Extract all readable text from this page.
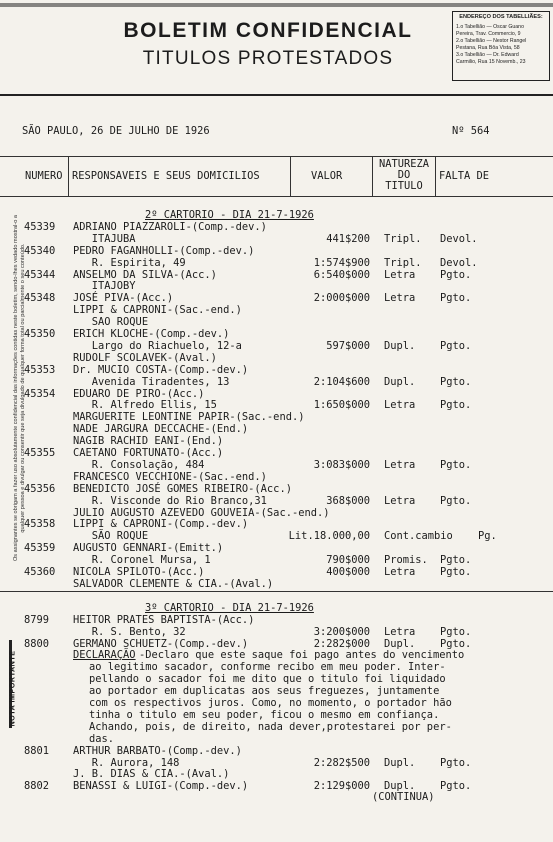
BOLETIM CONFIDENCIAL
TITULOS PROTESTADOS
ENDEREÇO DOS TABELLIÃES:
1.o Tabellião — Oscar Guano
Pereira, Trav. Commercio, 9
2.o Tabellião — Nestor Rangel
Pestana, Rua Bôa Vista, 58
3.o Tabellião — Dr. Edward
Carmilio, Rua 15 Novemb., 23
Os assignantes se obrigam a fazer uso absolutamente confidencial das informações contidas neste boletim, sendo-lhes vedado mostral-o a qualquer pessoa e divulgar ou consentir que seja divulgado de qualquer forma total ou parcialmente o seu conteúdo.
NOTA IMPORTANTE
SÃO PAULO, 26 DE JULHO DE 1926	Nº 564
NUMERO RESPONSAVEIS E SEUS DOMICILIOS	VALOR
NATUREZA
DO
TITULO
FALTA DE
2º CARTORIO - DIA 21-7-1926
45339 ADRIANO PIAZZAROLI-(Comp.-dev.)
ITAJUBA	441$200 Tripl. Devol.
45340 PEDRO FAGANHOLLI-(Comp.-dev.)
R. Espirita, 49	1:574$900 Tripl. Devol.
45344 ANSELMO DA SILVA-(Acc.)	6:540$000 Letra Pgto.
ITAJOBY
45348 JOSÉ PIVA-(Acc.)	2:000$000 Letra Pgto.
LIPPI & CAPRONI-(Sac.-end.)
SAO ROQUE
45350 ERICH KLOCHE-(Comp.-dev.)
Largo do Riachuelo, 12-a	597$000 Dupl. Pgto.
RUDOLF SCOLAVEK-(Aval.)
45353 Dr. MUCIO COSTA-(Comp.-dev.)
Avenida Tiradentes, 13	2:104$600 Dupl. Pgto.
45354 EDUARO DE PIRO-(Acc.)
R. Alfredo Ellis, 15	1:650$000 Letra Pgto.
MARGUERITE LEONTINE PAPIR-(Sac.-end.)
NADE JARGURA DECCACHE-(End.)
NAGIB RACHID EANI-(End.)
45355 CAETANO FORTUNATO-(Acc.)
R. Consolação, 484	3:083$000 Letra Pgto.
FRANCESCO VECCHIONE-(Sac.-end.)
45356 BENEDICTO JOSÉ GOMES RIBEIRO-(Acc.)
R. Visconde do Rio Branco,31	368$000 Letra Pgto.
JULIO AUGUSTO AZEVEDO GOUVEIA-(Sac.-end.)
45358 LIPPI & CAPRONI-(Comp.-dev.)
SÃO ROQUE	Lit.18.000,00 Cont.cambio Pg.
45359 AUGUSTO GENNARI-(Emitt.)
R. Coronel Mursa, 1	790$000 Promis. Pgto.
45360 NICOLA SPILOTO-(Acc.)	400$000 Letra Pgto.
SALVADOR CLEMENTE & CIA.-(Aval.)
3º CARTORIO - DIA 21-7-1926
8799 HEITOR PRATES BAPTISTA-(Acc.)
R. S. Bento, 32	3:200$000 Letra Pgto.
8800 GERMANO SCHUETZ-(Comp.-dev.)	2:282$000 Dupl. Pgto.
DECLARAÇÃO -Declaro que este saque foi pago antes do vencimento
ao legitimo sacador, conforme recibo em meu poder. Inter-
pellando o sacador foi me dito que o titulo foi liquidado
ao portador em duplicatas aos seus freguezes, juntamente
com os respectivos juros. Como, no momento, o portador hão
tinha o titulo em seu poder, ficou o mesmo em confiança.
Achando, pois, de direito, nada dever,protestarei por per-
das.
8801 ARTHUR BARBATO-(Comp.-dev.)
R. Aurora, 148	2:282$500 Dupl. Pgto.
J. B. DIAS & CIA.-(Aval.)
8802 BENASSI & LUIGI-(Comp.-dev.)	2:129$000 Dupl. Pgto.
(CONTINUA)
